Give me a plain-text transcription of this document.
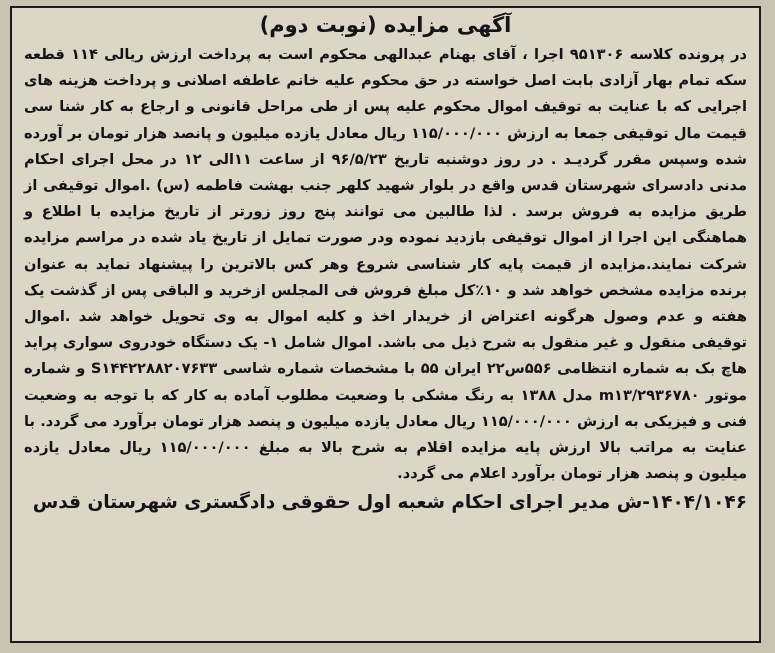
آگهی مزایده (نوبت دوم)
در پرونده کلاسه ۹۵۱۳۰۶ اجرا ، آقای بهنام عبدالهی محکوم است به پرداخت ارزش ریالی ۱۱۴ قطعه سکه تمام بهار آزادی بابت اصل خواسته در حق محکوم علیه خانم عاطفه اصلانی و پرداخت هزینه های اجرایی که با عنایت به توقیف اموال محکوم علیه پس از طی مراحل قانونی و ارجاع به کار شنا سی قیمت مال توقیفی جمعا به ارزش ۱۱۵/۰۰۰/۰۰۰ ریال معادل یازده میلیون و پانصد هزار تومان بر آورده شده وسپس مقرر گردیـد . در روز دوشنبه تاریخ ۹۶/۵/۲۳ از ساعت ۱۱الی ۱۲ در محل اجرای احکام مدنی دادسرای شهرستان قدس واقع در بلوار شهید کلهر جنب بهشت فاطمه (س) .اموال توقیفی از طریق مزایده به فروش برسد . لذا طالبین می توانند پنج روز زورتر از تاریخ مزایده با اطلاع و هماهنگی این اجرا از اموال توقیفی بازدید نموده ودر صورت تمایل از تاریخ یاد شده در مراسم مزایده شرکت نمایند.مزایده از قیمت پایه کار شناسی شروع وهر کس بالاترین را پیشنهاد نماید به عنوان برنده مزایده مشخص خواهد شد و ۱۰٪کل مبلغ فروش فی المجلس ازخرید و الباقی پس از گذشت یک هفته و عدم وصول هرگونه اعتراض از خریدار اخذ و کلیه اموال به وی تحویل خواهد شد .اموال توقیفی منقول و غیر منقول به شرح ذیل می باشد. اموال شامل ۱- یک دستگاه خودروی سواری پراید هاچ بک به شماره انتظامی ۵۵۶س۲۲ ایران ۵۵ با مشخصات شماره شاسی S۱۴۴۲۲۸۸۲۰۷۶۳۳ و شماره موتور m۱۳/۲۹۳۶۷۸۰ مدل ۱۳۸۸ به رنگ مشکی با وضعیت مطلوب آماده به کار که با توجه به وضعیت فنی و فیزیکی به ارزش ۱۱۵/۰۰۰/۰۰۰ ریال معادل یازده میلیون و پنصد هزار تومان برآورد می گردد. با عنایت به مراتب بالا ارزش پایه مزایده اقلام به شرح بالا به مبلغ ۱۱۵/۰۰۰/۰۰۰ ریال معادل یازده میلیون و پنصد هزار تومان برآورد اعلام می گردد.
۱۴۰۴/۱۰۴۶-ش مدیر اجرای احکام شعبه اول حقوقی دادگستری شهرستان قدس
